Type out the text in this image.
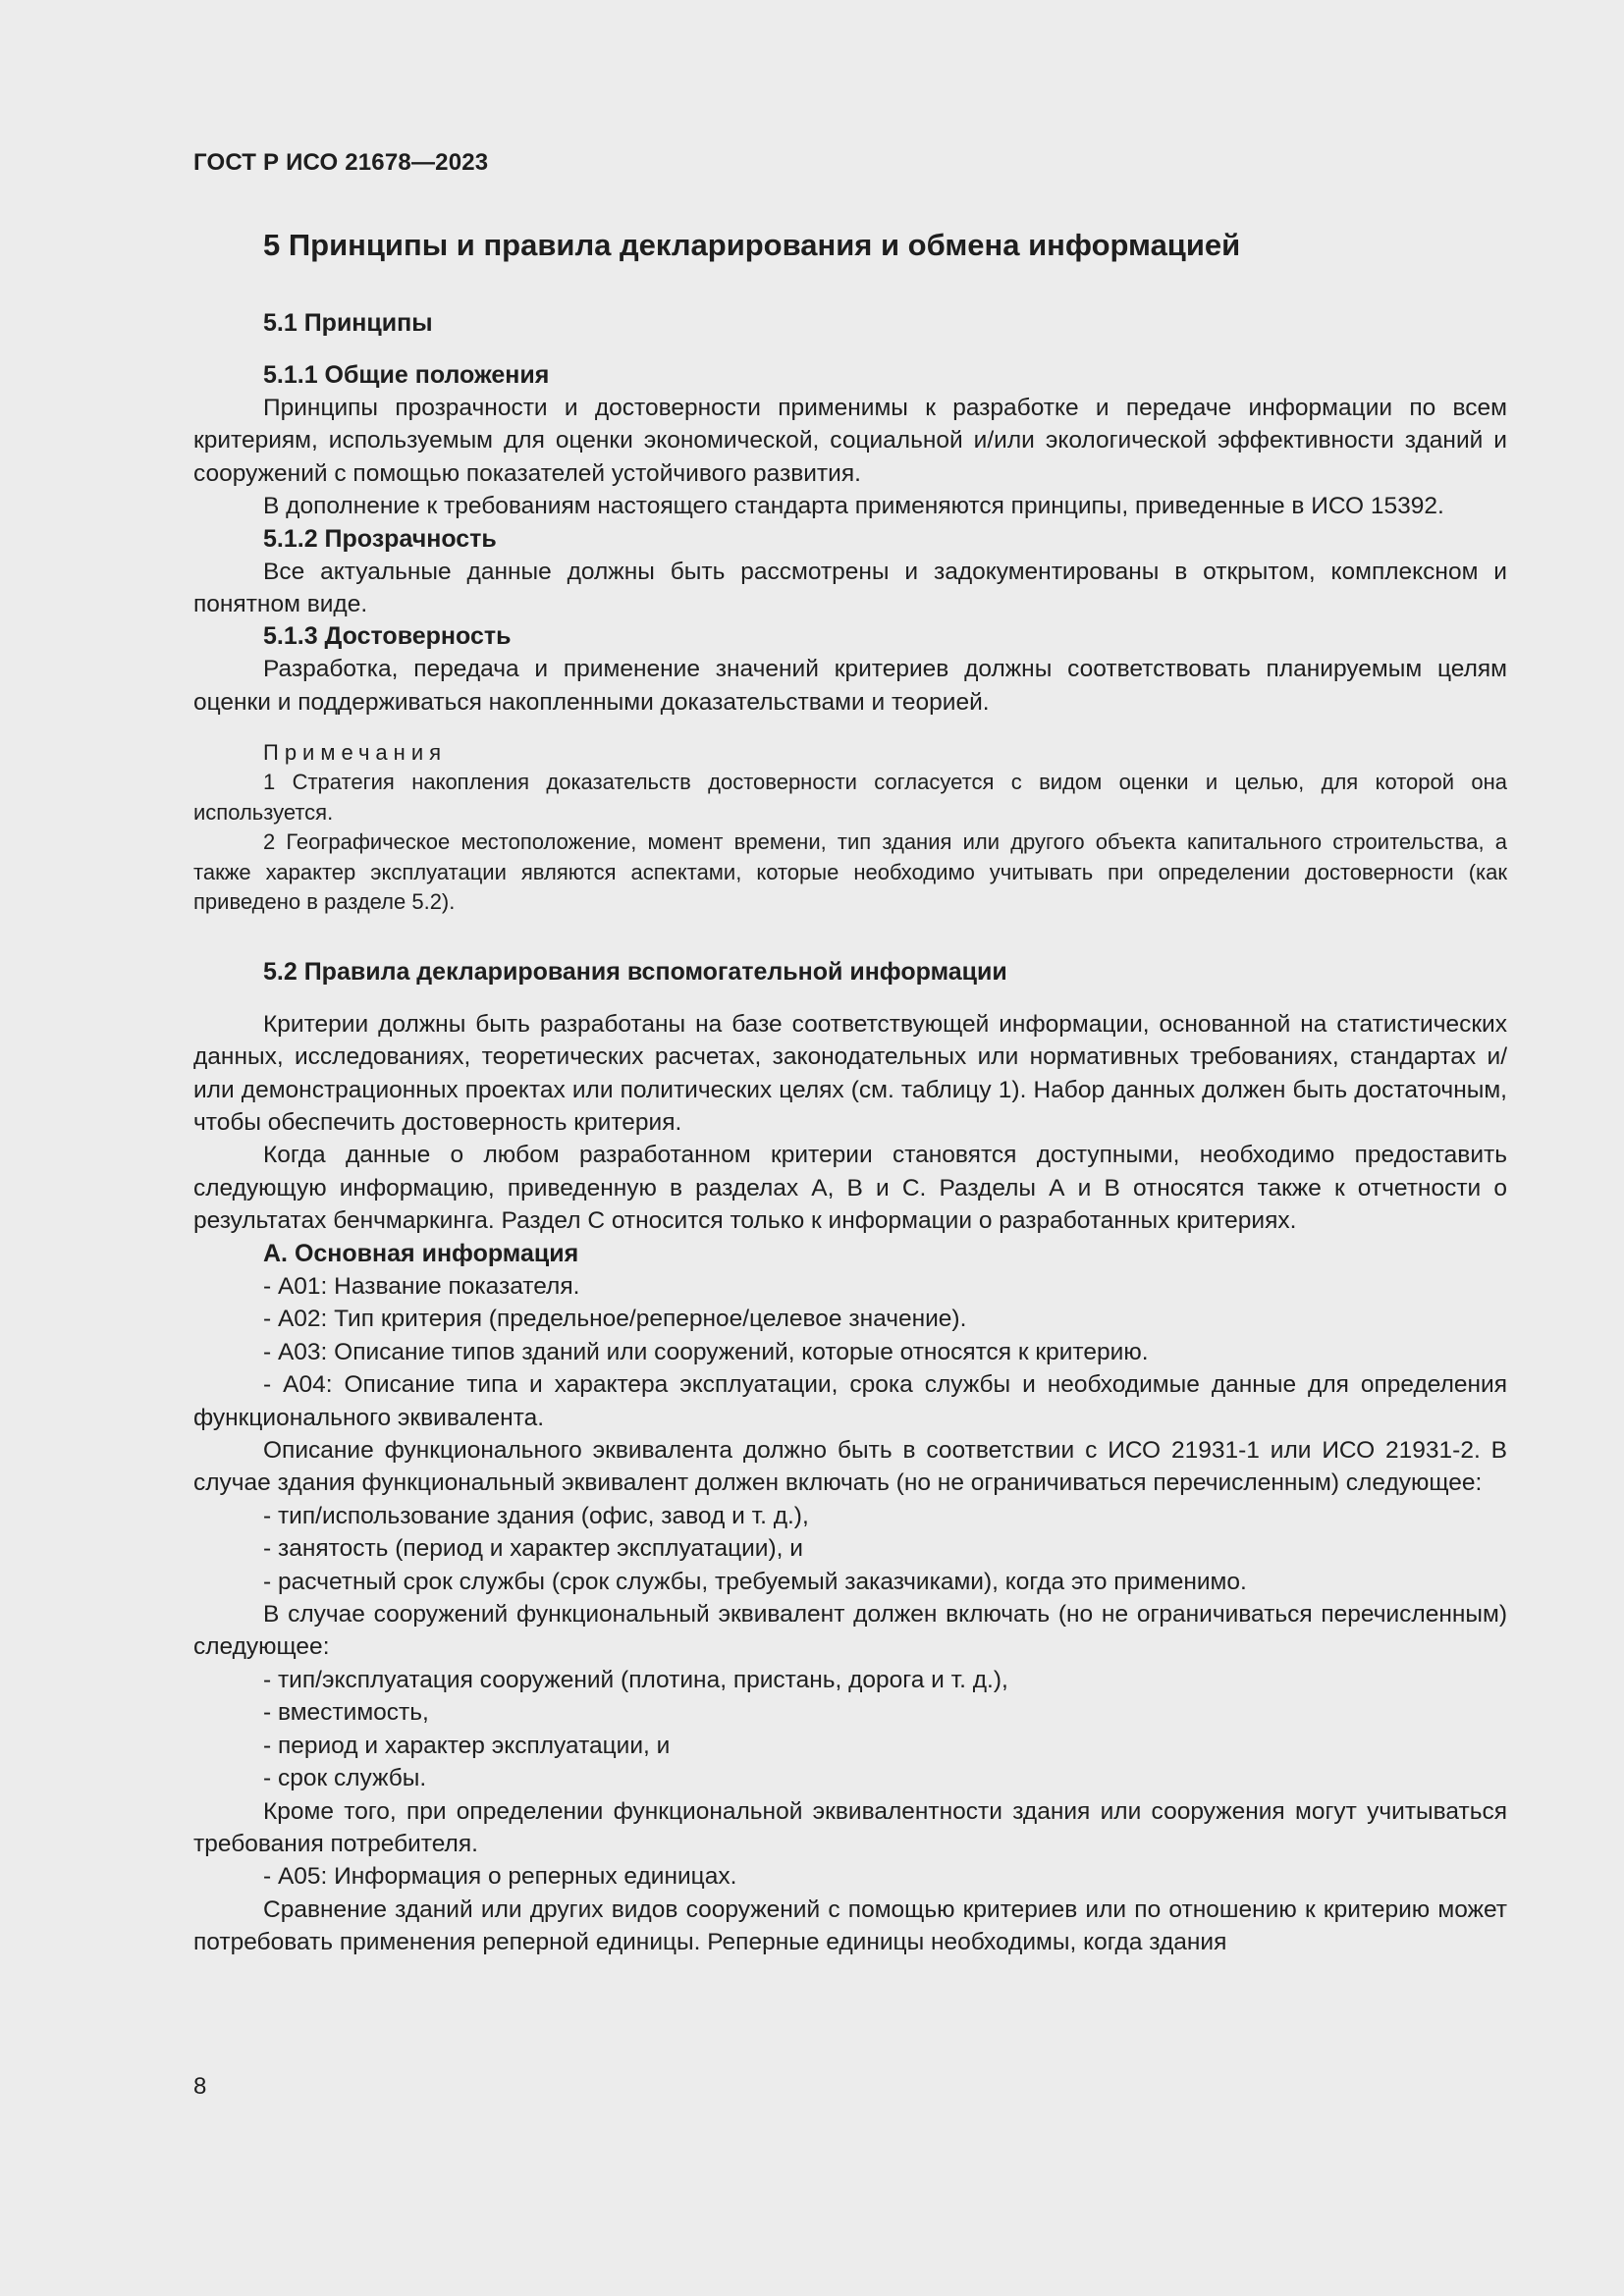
ГОСТ Р ИСО 21678—2023
5 Принципы и правила декларирования и обмена информацией
5.1 Принципы
5.1.1 Общие положения

Принципы прозрачности и достоверности применимы к разработке и передаче информации по всем критериям, используемым для оценки экономической, социальной и/или экологической эффективности зданий и сооружений с помощью показателей устойчивого развития.

В дополнение к требованиям настоящего стандарта применяются принципы, приведенные в ИСО 15392.

5.1.2 Прозрачность

Все актуальные данные должны быть рассмотрены и задокументированы в открытом, комплексном и понятном виде.

5.1.3 Достоверность

Разработка, передача и применение значений критериев должны соответствовать планируемым целям оценки и поддерживаться накопленными доказательствами и теорией.

Примечания

1 Стратегия накопления доказательств достоверности согласуется с видом оценки и целью, для которой она используется.

2 Географическое местоположение, момент времени, тип здания или другого объекта капитального строительства, а также характер эксплуатации являются аспектами, которые необходимо учитывать при определении достоверности (как приведено в разделе 5.2).

5.2 Правила декларирования вспомогательной информации

Критерии должны быть разработаны на базе соответствующей информации, основанной на статистических данных, исследованиях, теоретических расчетах, законодательных или нормативных требованиях, стандартах и/или демонстрационных проектах или политических целях (см. таблицу 1). Набор данных должен быть достаточным, чтобы обеспечить достоверность критерия.

Когда данные о любом разработанном критерии становятся доступными, необходимо предоставить следующую информацию, приведенную в разделах А, В и С. Разделы А и В относятся также к отчетности о результатах бенчмаркинга. Раздел С относится только к информации о разработанных критериях.

А. Основная информация

- А01: Название показателя.

- А02: Тип критерия (предельное/реперное/целевое значение).

- А03: Описание типов зданий или сооружений, которые относятся к критерию.

- А04: Описание типа и характера эксплуатации, срока службы и необходимые данные для определения функционального эквивалента.

Описание функционального эквивалента должно быть в соответствии с ИСО 21931-1 или ИСО 21931-2. В случае здания функциональный эквивалент должен включать (но не ограничиваться перечисленным) следующее:

- тип/использование здания (офис, завод и т. д.),

- занятость (период и характер эксплуатации), и

- расчетный срок службы (срок службы, требуемый заказчиками), когда это применимо.

В случае сооружений функциональный эквивалент должен включать (но не ограничиваться перечисленным) следующее:

- тип/эксплуатация сооружений (плотина, пристань, дорога и т. д.),

- вместимость,

- период и характер эксплуатации, и

- срок службы.

Кроме того, при определении функциональной эквивалентности здания или сооружения могут учитываться требования потребителя.

- А05: Информация о реперных единицах.

Сравнение зданий или других видов сооружений с помощью критериев или по отношению к критерию может потребовать применения реперной единицы. Реперные единицы необходимы, когда здания

8
